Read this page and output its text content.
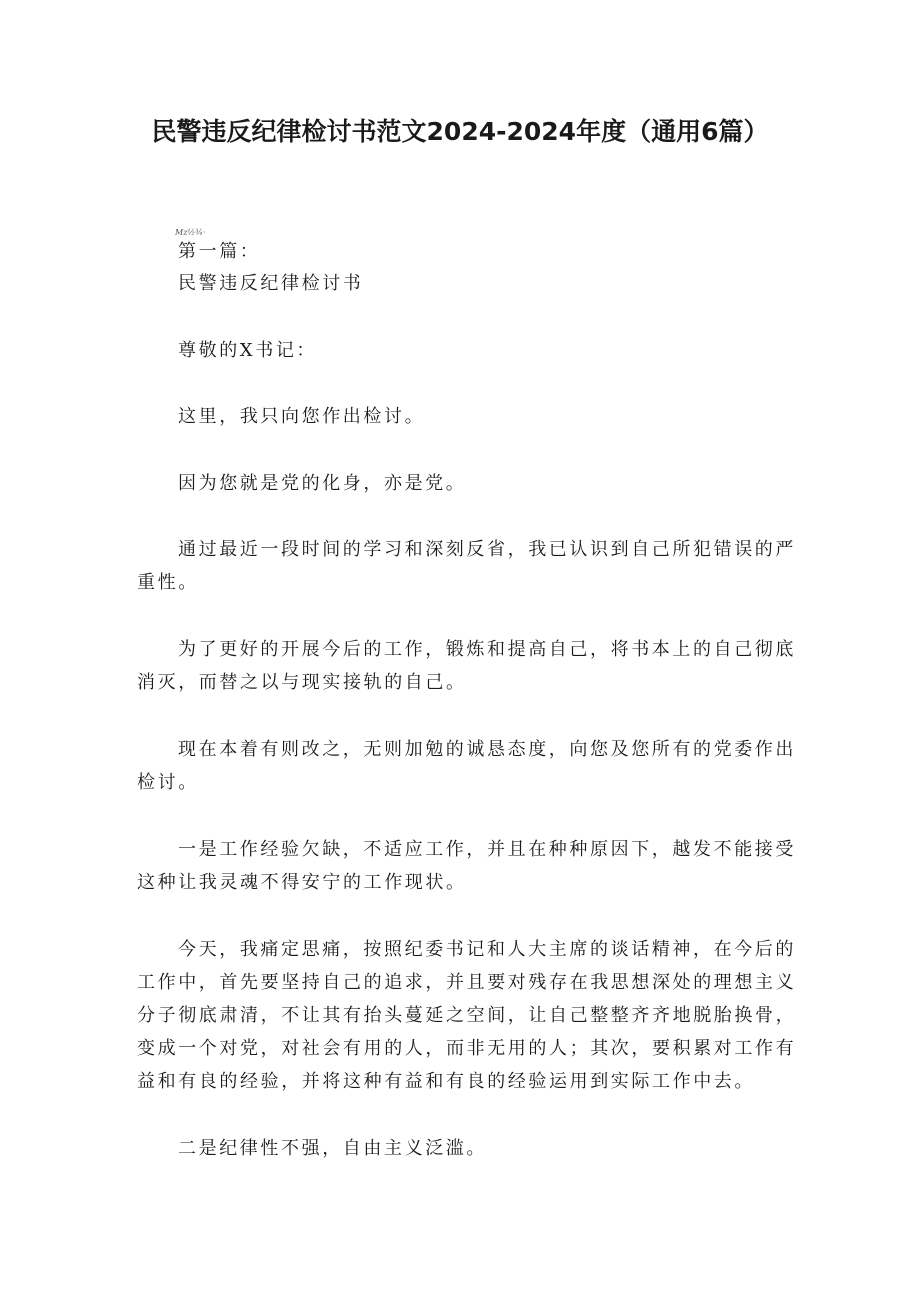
民警违反纪律检讨书范文2024-2024年度（通用6篇）
Mz½¾·
第一篇：
民警违反纪律检讨书
尊敬的X书记：
这里，我只向您作出检讨。
因为您就是党的化身，亦是党。
通过最近一段时间的学习和深刻反省，我已认识到自己所犯错误的严
重性。
为了更好的开展今后的工作，锻炼和提高自己，将书本上的自己彻底
消灭，而替之以与现实接轨的自己。
现在本着有则改之，无则加勉的诚恳态度，向您及您所有的党委作出
检讨。
一是工作经验欠缺，不适应工作，并且在种种原因下，越发不能接受
这种让我灵魂不得安宁的工作现状。
今天，我痛定思痛，按照纪委书记和人大主席的谈话精神，在今后的
工作中，首先要坚持自己的追求，并且要对残存在我思想深处的理想主义
分子彻底肃清，不让其有抬头蔓延之空间，让自己整整齐齐地脱胎换骨，
变成一个对党，对社会有用的人，而非无用的人；其次，要积累对工作有
益和有良的经验，并将这种有益和有良的经验运用到实际工作中去。
二是纪律性不强，自由主义泛滥。
